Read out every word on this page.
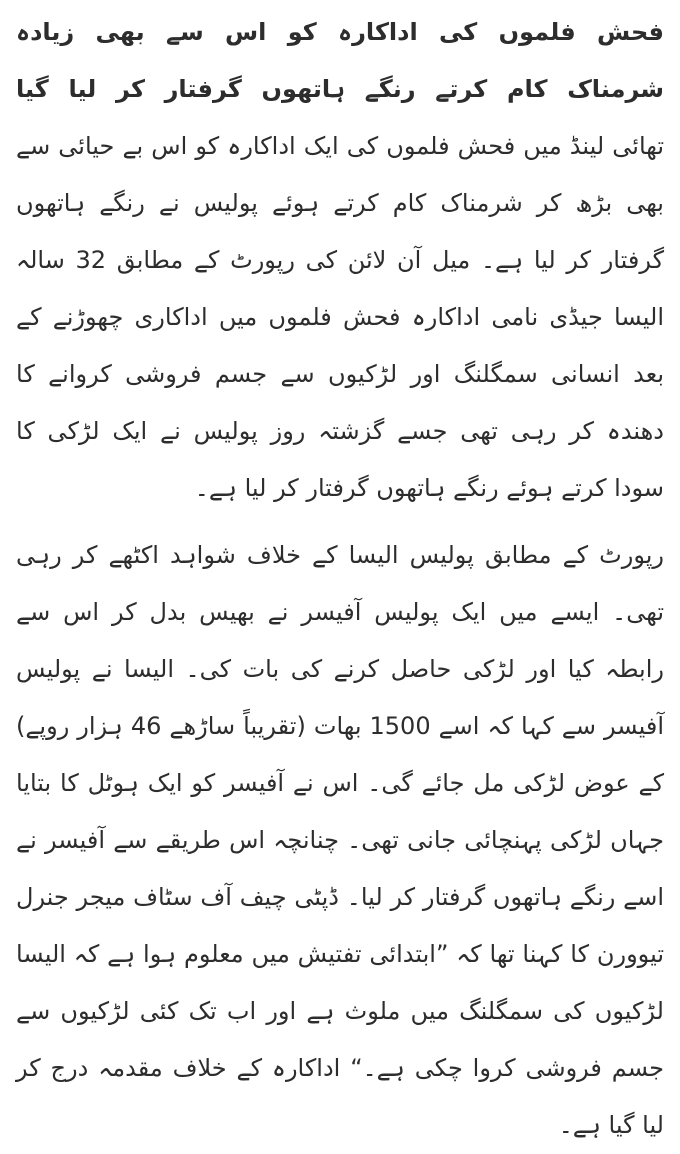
فحش فلموں کی اداکارہ کو اس سے بھی زیادہ شرمناک کام کرتے رنگے ہاتھوں گرفتار کر لیا گیا

تھائی لینڈ میں فحش فلموں کی ایک اداکارہ کو اس بے حیائی سے بھی بڑھ کر شرمناک کام کرتے ہوئے پولیس نے رنگے ہاتھوں گرفتار کر لیا ہے۔ میل آن لائن کی رپورٹ کے مطابق 32 سالہ الیسا جیڈی نامی اداکارہ فحش فلموں میں اداکاری چھوڑنے کے بعد انسانی سمگلنگ اور لڑکیوں سے جسم فروشی کروانے کا دھندہ کر رہی تھی جسے گزشتہ روز پولیس نے ایک لڑکی کا سودا کرتے ہوئے رنگے ہاتھوں گرفتار کر لیا ہے۔

رپورٹ کے مطابق پولیس الیسا کے خلاف شواہد اکٹھے کر رہی تھی۔ ایسے میں ایک پولیس آفیسر نے بھیس بدل کر اس سے رابطہ کیا اور لڑکی حاصل کرنے کی بات کی۔ الیسا نے پولیس آفیسر سے کہا کہ اسے 1500 بھات (تقریباً ساڑھے 46 ہزار روپے) کے عوض لڑکی مل جائے گی۔ اس نے آفیسر کو ایک ہوٹل کا بتایا جہاں لڑکی پہنچائی جانی تھی۔ چنانچہ اس طریقے سے آفیسر نے اسے رنگے ہاتھوں گرفتار کر لیا۔ ڈپٹی چیف آف سٹاف میجر جنرل تیوورن کا کہنا تھا کہ ”ابتدائی تفتیش میں معلوم ہوا ہے کہ الیسا لڑکیوں کی سمگلنگ میں ملوث ہے اور اب تک کئی لڑکیوں سے جسم فروشی کروا چکی ہے۔“ اداکارہ کے خلاف مقدمہ درج کر لیا گیا ہے۔
